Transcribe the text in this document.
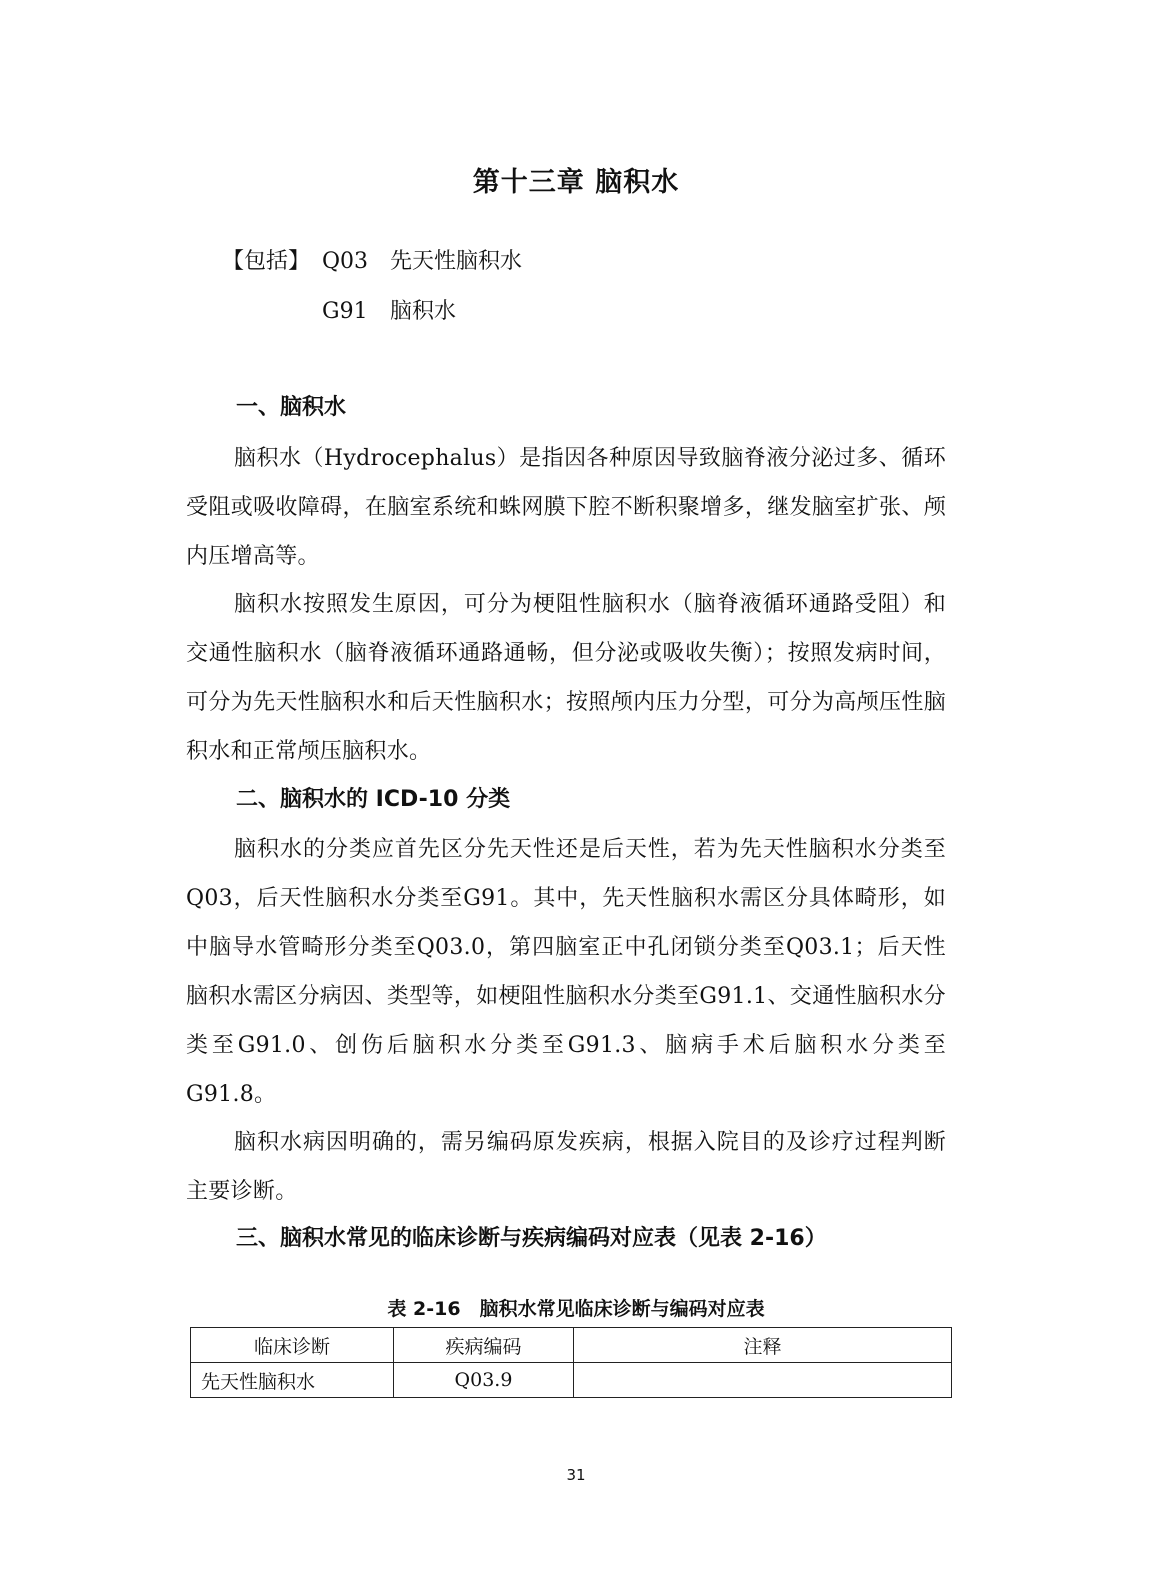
第十三章 脑积水
【包括】 Q03 先天性脑积水
G91 脑积水
一、脑积水
脑积水（Hydrocephalus）是指因各种原因导致脑脊液分泌过多、循环受阻或吸收障碍，在脑室系统和蛛网膜下腔不断积聚增多，继发脑室扩张、颅内压增高等。
脑积水按照发生原因，可分为梗阻性脑积水（脑脊液循环通路受阻）和交通性脑积水（脑脊液循环通路通畅，但分泌或吸收失衡）；按照发病时间，可分为先天性脑积水和后天性脑积水；按照颅内压力分型，可分为高颅压性脑积水和正常颅压脑积水。
二、脑积水的 ICD-10 分类
脑积水的分类应首先区分先天性还是后天性，若为先天性脑积水分类至Q03，后天性脑积水分类至G91。其中，先天性脑积水需区分具体畸形，如中脑导水管畸形分类至Q03.0，第四脑室正中孔闭锁分类至Q03.1；后天性脑积水需区分病因、类型等，如梗阻性脑积水分类至G91.1、交通性脑积水分类至G91.0、创伤后脑积水分类至G91.3、脑病手术后脑积水分类至G91.8。
脑积水病因明确的，需另编码原发疾病，根据入院目的及诊疗过程判断主要诊断。
三、脑积水常见的临床诊断与疾病编码对应表（见表 2-16）
表 2-16　脑积水常见临床诊断与编码对应表
临床诊断	疾病编码	注释
先天性脑积水	Q03.9	
31
